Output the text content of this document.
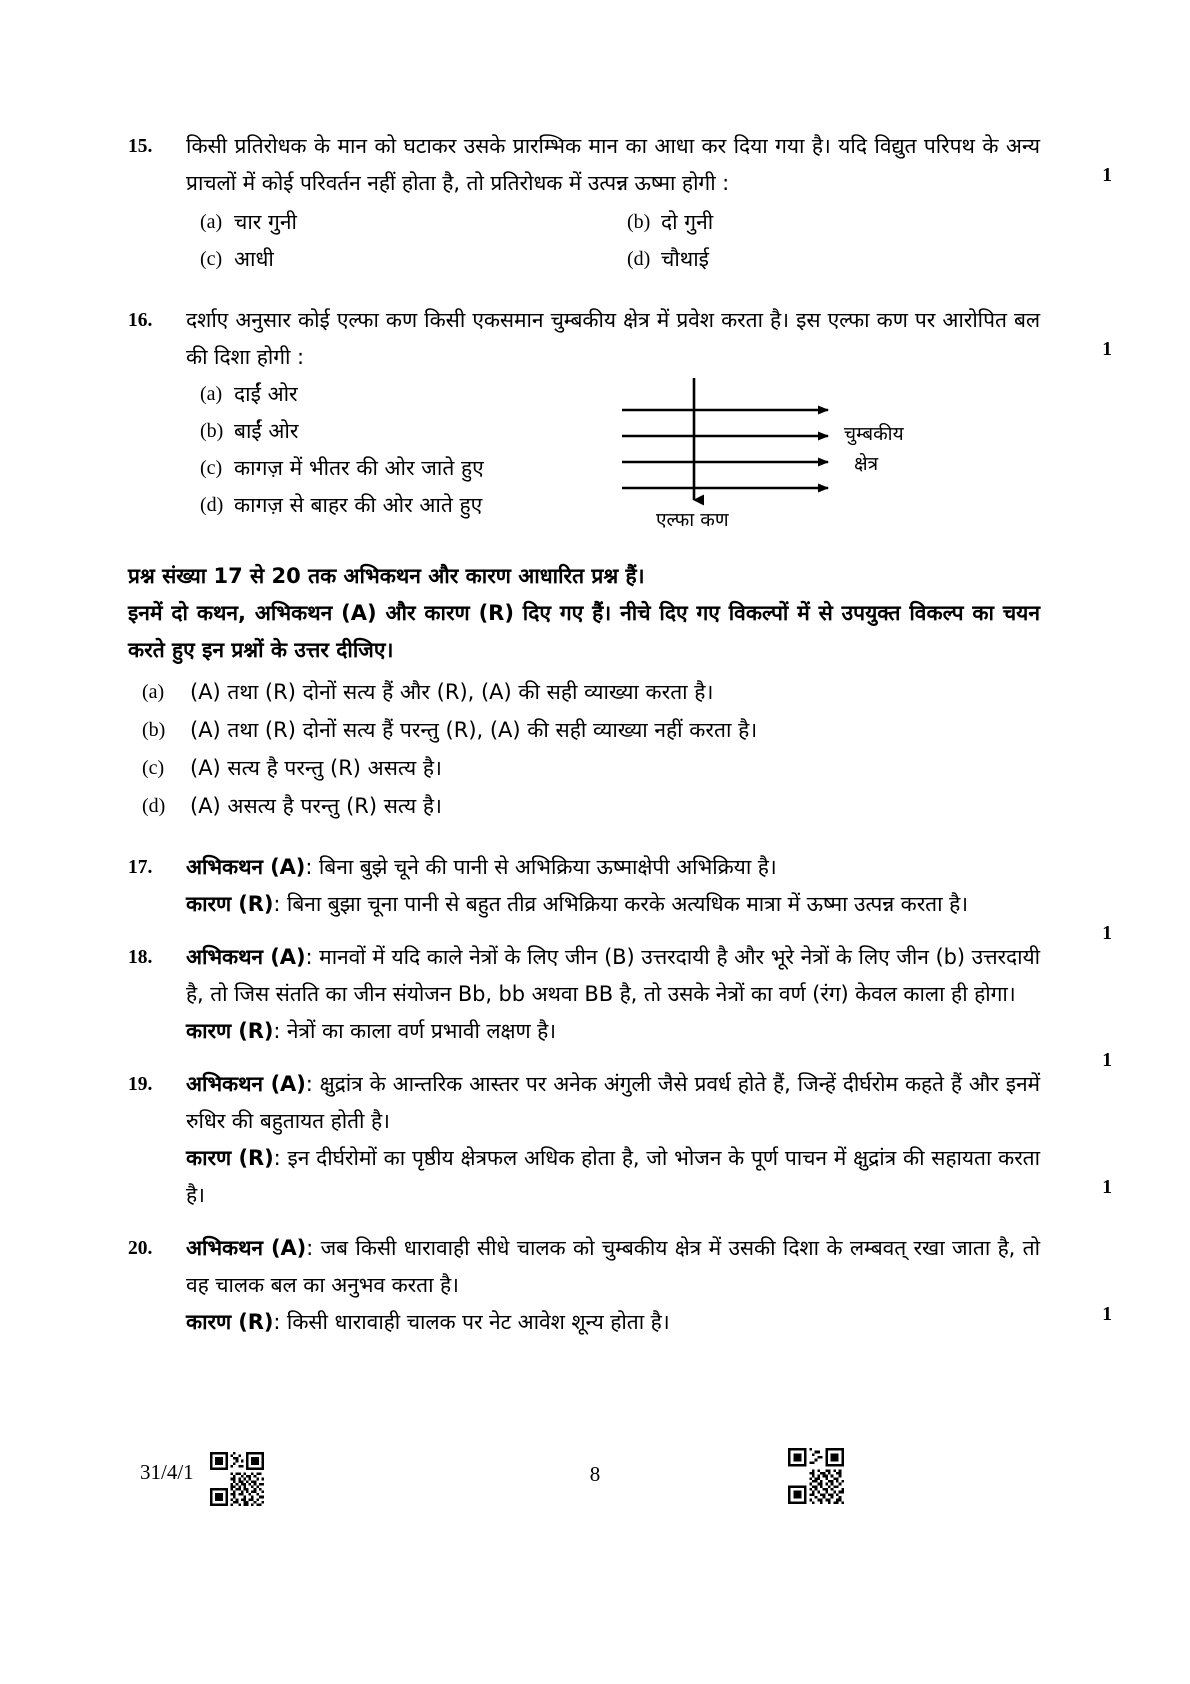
15.
1
किसी प्रतिरोधक के मान को घटाकर उसके प्रारम्भिक मान का आधा कर दिया गया है। यदि विद्युत परिपथ के अन्य प्राचलों में कोई परिवर्तन नहीं होता है, तो प्रतिरोधक में उत्पन्न ऊष्मा होगी :
(a) चार गुनी	(b) दो गुनी
(c) आधी	(d) चौथाई
16.
1
दर्शाए अनुसार कोई एल्फा कण किसी एकसमान चुम्बकीय क्षेत्र में प्रवेश करता है। इस एल्फा कण पर आरोपित बल की दिशा होगी :
(a) दाईं ओर
(b) बाईं ओर
(c) कागज़ में भीतर की ओर जाते हुए
(d) कागज़ से बाहर की ओर आते हुए
चुम्बकीय
क्षेत्र
एल्फा कण
प्रश्न संख्या 17 से 20 तक अभिकथन और कारण आधारित प्रश्न हैं।
इनमें दो कथन, अभिकथन (A) और कारण (R) दिए गए हैं। नीचे दिए गए विकल्पों में से उपयुक्त विकल्प का चयन करते हुए इन प्रश्नों के उत्तर दीजिए।
(a)	(A) तथा (R) दोनों सत्य हैं और (R), (A) की सही व्याख्या करता है।
(b)	(A) तथा (R) दोनों सत्य हैं परन्तु (R), (A) की सही व्याख्या नहीं करता है।
(c)	(A) सत्य है परन्तु (R) असत्य है।
(d)	(A) असत्य है परन्तु (R) सत्य है।
17.
1
अभिकथन (A): बिना बुझे चूने की पानी से अभिक्रिया ऊष्माक्षेपी अभिक्रिया है।
कारण (R): बिना बुझा चूना पानी से बहुत तीव्र अभिक्रिया करके अत्यधिक मात्रा में ऊष्मा उत्पन्न करता है।
18.
1
अभिकथन (A): मानवों में यदि काले नेत्रों के लिए जीन (B) उत्तरदायी है और भूरे नेत्रों के लिए जीन (b) उत्तरदायी है, तो जिस संतति का जीन संयोजन Bb, bb अथवा BB है, तो उसके नेत्रों का वर्ण (रंग) केवल काला ही होगा।
कारण (R): नेत्रों का काला वर्ण प्रभावी लक्षण है।
19.
1
अभिकथन (A): क्षुद्रांत्र के आन्तरिक आस्तर पर अनेक अंगुली जैसे प्रवर्ध होते हैं, जिन्हें दीर्घरोम कहते हैं और इनमें रुधिर की बहुतायत होती है।
कारण (R): इन दीर्घरोमों का पृष्ठीय क्षेत्रफल अधिक होता है, जो भोजन के पूर्ण पाचन में क्षुद्रांत्र की सहायता करता है।
20.
1
अभिकथन (A): जब किसी धारावाही सीधे चालक को चुम्बकीय क्षेत्र में उसकी दिशा के लम्बवत् रखा जाता है, तो वह चालक बल का अनुभव करता है।
कारण (R): किसी धारावाही चालक पर नेट आवेश शून्य होता है।
31/4/1	8
